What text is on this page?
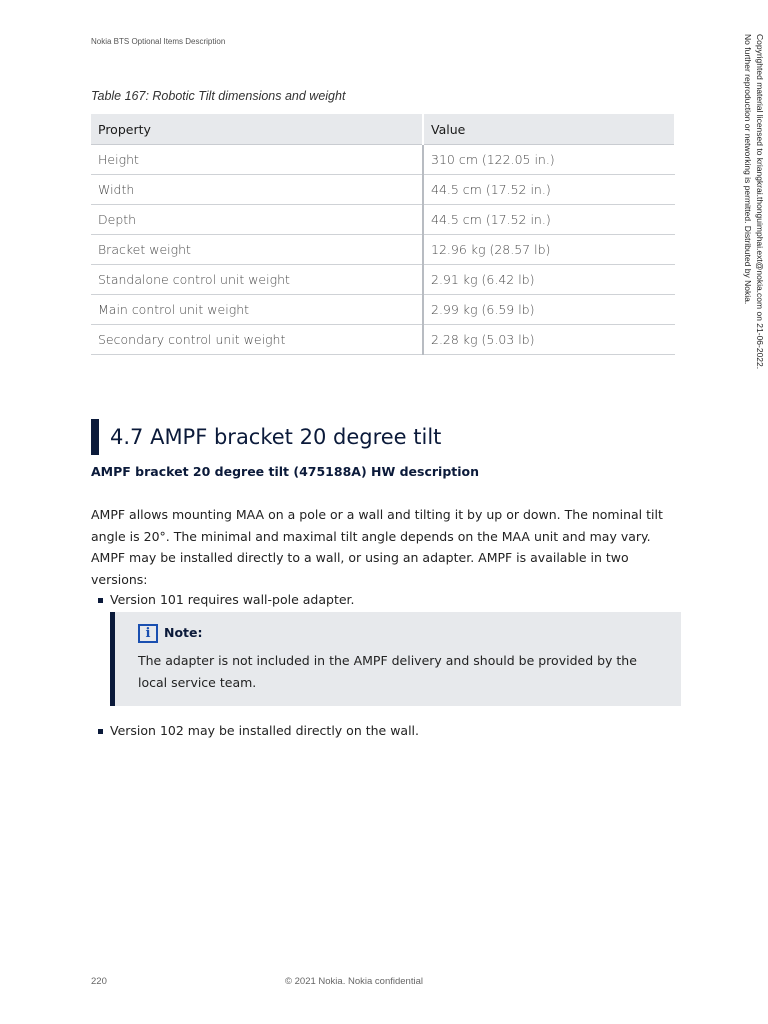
Nokia BTS Optional Items Description	Copyrighted material licensed to kriangkrai.thonguimphai.ext@nokia.com on 21-06-2022.
No further reproduction or networking is permitted. Distributed by Nokia.
Table 167: Robotic Tilt dimensions and weight
Property	Value
Height	310 cm (122.05 in.)
Width	44.5 cm (17.52 in.)
Depth	44.5 cm (17.52 in.)
Bracket weight	12.96 kg (28.57 lb)
Standalone control unit weight	2.91 kg (6.42 lb)
Main control unit weight	2.99 kg (6.59 lb)
Secondary control unit weight	2.28 kg (5.03 lb)
4.7 AMPF bracket 20 degree tilt
AMPF bracket 20 degree tilt (475188A) HW description
AMPF allows mounting MAA on a pole or a wall and tilting it by up or down. The nominal tilt angle is 20°. The minimal and maximal tilt angle depends on the MAA unit and may vary. AMPF may be installed directly to a wall, or using an adapter. AMPF is available in two versions:
Version 101 requires wall-pole adapter.
i Note:
The adapter is not included in the AMPF delivery and should be provided by the local service team.
Version 102 may be installed directly on the wall.
220	© 2021 Nokia. Nokia confidential
